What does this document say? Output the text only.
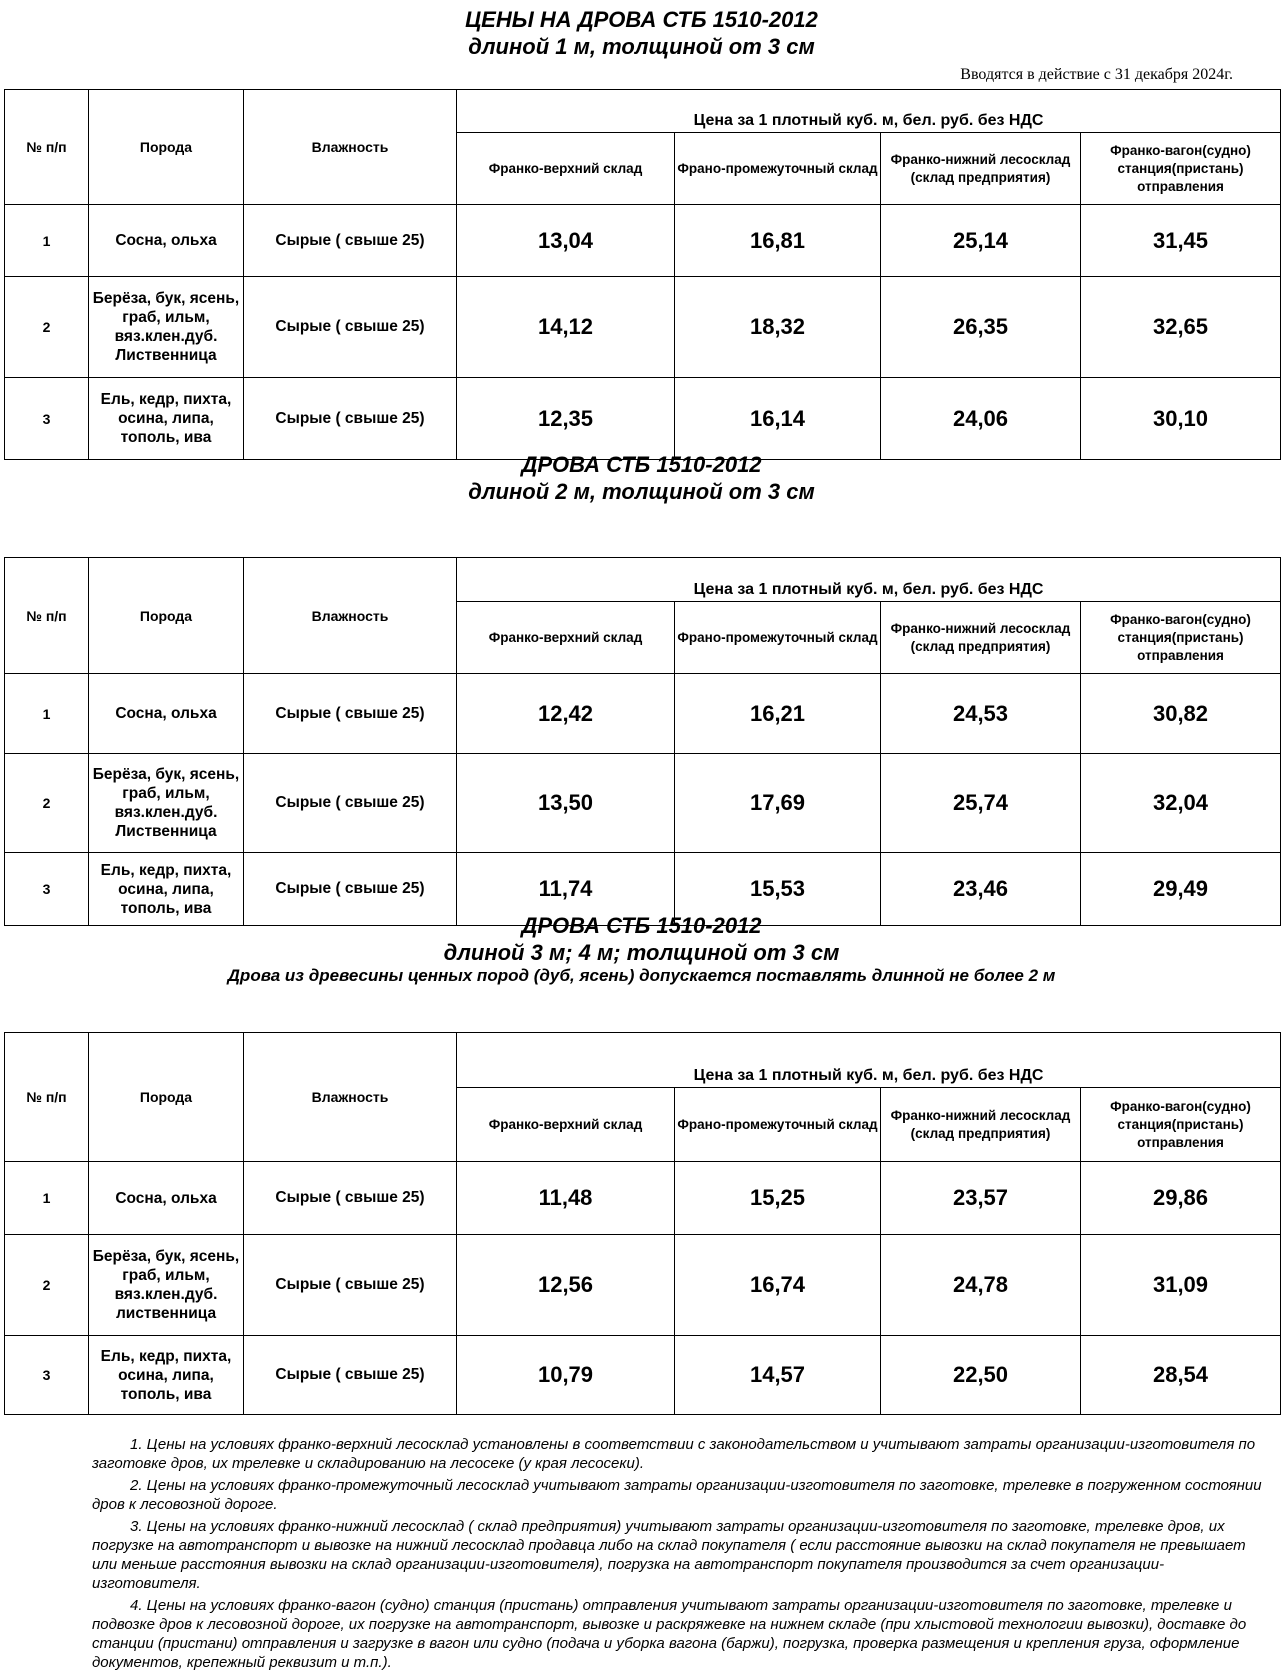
ЦЕНЫ НА ДРОВА СТБ 1510-2012
длиной 1 м, толщиной от 3 см
Вводятся в действие с 31 декабря 2024г.
ДРОВА СТБ 1510-2012
длиной 2 м, толщиной от 3 см
ДРОВА СТБ 1510-2012
длиной 3 м; 4 м; толщиной от 3 см
Дрова из древесины ценных пород (дуб, ясень) допускается поставлять длинной не более 2 м
№ п/п	Порода	Влажность	Цена за 1 плотный куб. м, бел. руб. без НДС			
			Франко-верхний склад	Франо-промежуточный склад	Франко-нижний лесосклад (склад предприятия)	Франко-вагон(судно) станция(пристань) отправления
1	Сосна, ольха	Сырые ( свыше 25)	13,04	16,81	25,14	31,45
2	Берёза, бук, ясень, граб, ильм, вяз.клен.дуб. Лиственница	Сырые ( свыше 25)	14,12	18,32	26,35	32,65
3	Ель, кедр, пихта, осина, липа, тополь, ива	Сырые ( свыше 25)	12,35	16,14	24,06	30,10
№ п/п	Порода	Влажность	Цена за 1 плотный куб. м, бел. руб. без НДС			
			Франко-верхний склад	Франо-промежуточный склад	Франко-нижний лесосклад (склад предприятия)	Франко-вагон(судно) станция(пристань) отправления
1	Сосна, ольха	Сырые ( свыше 25)	12,42	16,21	24,53	30,82
2	Берёза, бук, ясень, граб, ильм, вяз.клен.дуб. Лиственница	Сырые ( свыше 25)	13,50	17,69	25,74	32,04
3	Ель, кедр, пихта, осина, липа, тополь, ива	Сырые ( свыше 25)	11,74	15,53	23,46	29,49
№ п/п	Порода	Влажность	Цена за 1 плотный куб. м, бел. руб. без НДС			
			Франко-верхний склад	Франо-промежуточный склад	Франко-нижний лесосклад (склад предприятия)	Франко-вагон(судно) станция(пристань) отправления
1	Сосна, ольха	Сырые ( свыше 25)	11,48	15,25	23,57	29,86
2	Берёза, бук, ясень, граб, ильм, вяз.клен.дуб. лиственница	Сырые ( свыше 25)	12,56	16,74	24,78	31,09
3	Ель, кедр, пихта, осина, липа, тополь, ива	Сырые ( свыше 25)	10,79	14,57	22,50	28,54

1. Цены на условиях франко-верхний лесосклад установлены в соответствии с законодательством и учитывают затраты организации-изготовителя по заготовке дров, их трелевке и складированию на лесосеке (у края лесосеки).

2. Цены на условиях франко-промежуточный лесосклад учитывают затраты организации-изготовителя по заготовке, трелевке в погруженном состоянии дров к лесовозной дороге.

3. Цены на условиях франко-нижний лесосклад ( склад предприятия) учитывают затраты организации-изготовителя по заготовке, трелевке дров, их погрузке на автотранспорт и вывозке на нижний лесосклад продавца либо на склад покупателя ( если расстояние вывозки на склад покупателя не превышает или меньше расстояния вывозки на склад организации-изготовителя), погрузка на автотранспорт покупателя производится за счет организации-изготовителя.

4. Цены на условиях франко-вагон (судно) станция (пристань) отправления учитывают затраты организации-изготовителя по заготовке, трелевке и подвозке дров к лесовозной дороге, их погрузке на автотранспорт, вывозке и раскряжевке на нижнем складе (при хлыстовой технологии вывозки), доставке до станции (пристани) отправления и загрузке в вагон или судно (подача и уборка вагона (баржи), погрузка, проверка размещения и крепления груза, оформление документов, крепежный реквизит и т.п.).
